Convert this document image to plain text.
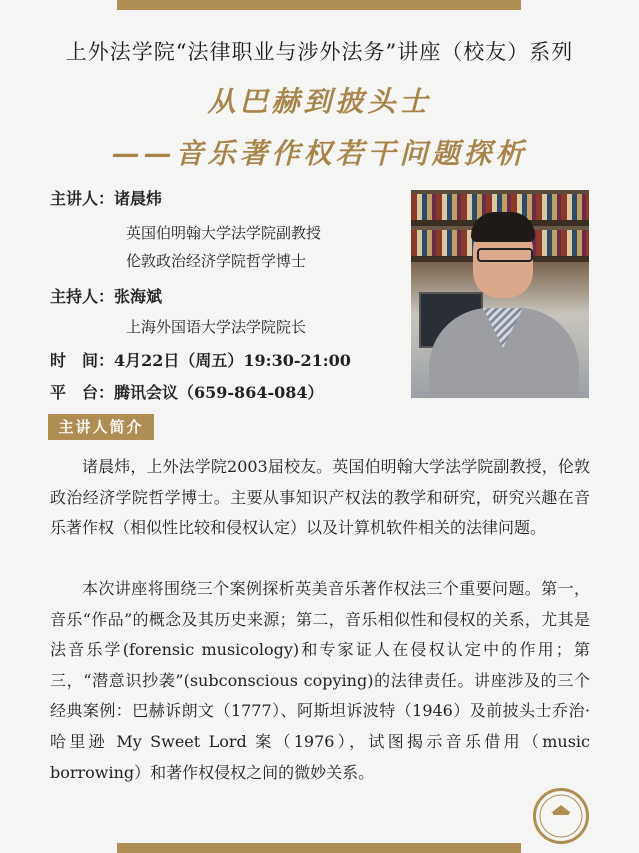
上外法学院“法律职业与涉外法务”讲座（校友）系列
从巴赫到披头士
——音乐著作权若干问题探析
主讲人：诸晨炜
英国伯明翰大学法学院副教授
伦敦政治经济学院哲学博士
主持人：张海斌
上海外国语大学法学院院长
时　间：4月22日（周五）19:30-21:00
平　台：腾讯会议（659-864-084）
主讲人简介

诸晨炜，上外法学院2003届校友。英国伯明翰大学法学院副教授，伦敦政治经济学院哲学博士。主要从事知识产权法的教学和研究，研究兴趣在音乐著作权（相似性比较和侵权认定）以及计算机软件相关的法律问题。

本次讲座将围绕三个案例探析英美音乐著作权法三个重要问题。第一，音乐“作品”的概念及其历史来源；第二，音乐相似性和侵权的关系，尤其是法音乐学(forensic musicology)和专家证人在侵权认定中的作用；第三，“潜意识抄袭”(subconscious copying)的法律责任。讲座涉及的三个经典案例：巴赫诉朗文（1777）、阿斯坦诉波特（1946）及前披头士乔治·哈里逊 My Sweet Lord 案（1976），试图揭示音乐借用（music borrowing）和著作权侵权之间的微妙关系。
